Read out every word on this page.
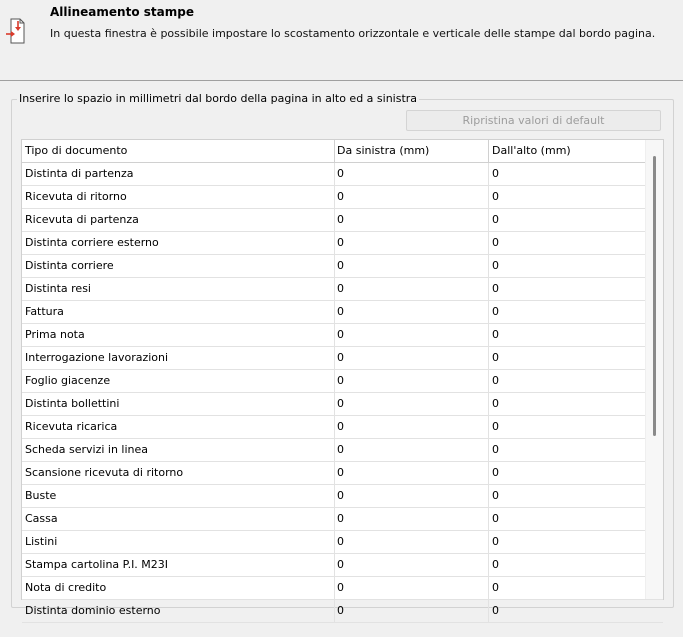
Allineamento stampe
In questa finestra è possibile impostare lo scostamento orizzontale e verticale delle stampe dal bordo pagina.
Inserire lo spazio in millimetri dal bordo della pagina in alto ed a sinistra
Ripristina valori di default
Tipo di documento	Da sinistra (mm)	Dall'alto (mm)
Distinta di partenza	0	0
Ricevuta di ritorno	0	0
Ricevuta di partenza	0	0
Distinta corriere esterno	0	0
Distinta corriere	0	0
Distinta resi	0	0
Fattura	0	0
Prima nota	0	0
Interrogazione lavorazioni	0	0
Foglio giacenze	0	0
Distinta bollettini	0	0
Ricevuta ricarica	0	0
Scheda servizi in linea	0	0
Scansione ricevuta di ritorno	0	0
Buste	0	0
Cassa	0	0
Listini	0	0
Stampa cartolina P.I. M23I	0	0
Nota di credito	0	0
Distinta dominio esterno	0	0
